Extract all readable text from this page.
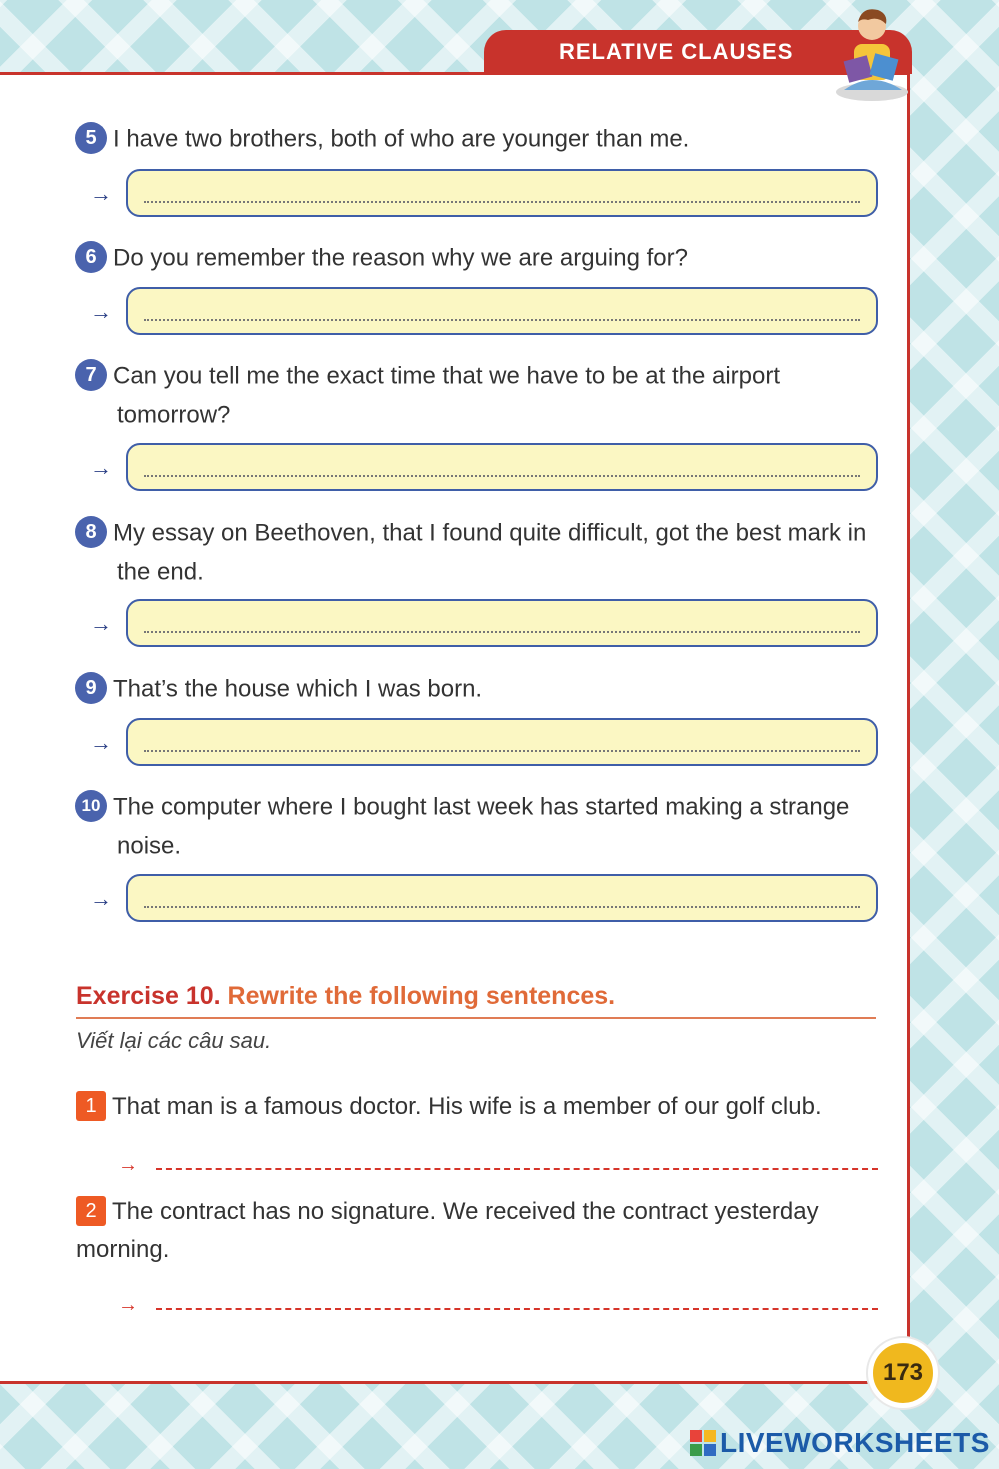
RELATIVE CLAUSES
5 I have two brothers, both of who are younger than me.
→
6 Do you remember the reason why we are arguing for?
→
7 Can you tell me the exact time that we have to be at the airport tomorrow?
→
8 My essay on Beethoven, that I found quite difficult, got the best mark in the end.
→
9 That’s the house which I was born.
→
10 The computer where I bought last week has started making a strange noise.
→
Exercise 10. Rewrite the following sentences.
Viết lại các câu sau.
1 That man is a famous doctor. His wife is a member of our golf club.
→
2 The contract has no signature. We received the contract yesterday morning.
→
173
LIVEWORKSHEETS
